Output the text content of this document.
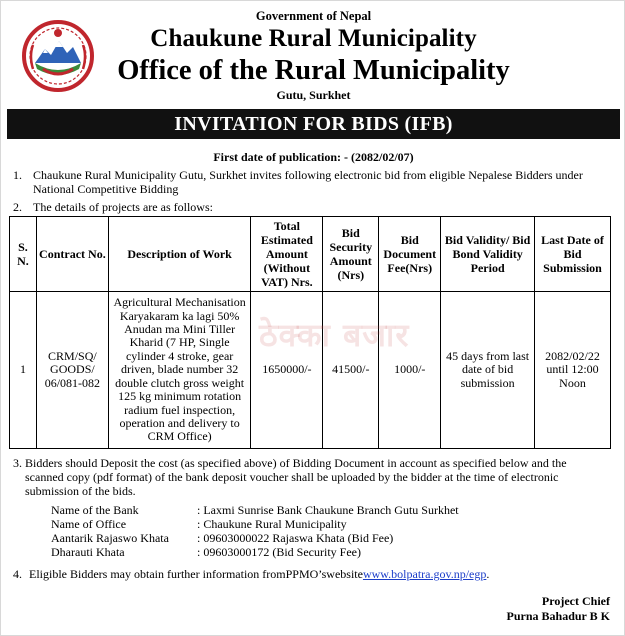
Government of Nepal
Chaukune Rural Municipality
Office of the Rural Municipality
Gutu, Surkhet
INVITATION FOR BIDS (IFB)
First date of publication: - (2082/02/07)
1. Chaukune Rural Municipality Gutu, Surkhet invites following electronic bid from eligible Nepalese Bidders under
National Competitive Bidding
2. The details of projects are as follows:
S. N.	Contract No.	Description of Work	Total Estimated Amount (Without VAT) Nrs.	Bid Security Amount (Nrs)	Bid Document Fee(Nrs)	Bid Validity/ Bid Bond Validity Period	Last Date of Bid Submission
1	CRM/SQ/ GOODS/ 06/081-082	Agricultural Mechanisation Karyakaram ka lagi 50% Anudan ma Mini Tiller Kharid (7 HP, Single cylinder 4 stroke, gear driven, blade number 32 double clutch gross weight 125 kg minimum rotation radium fuel inspection, operation and delivery to CRM Office)	1650000/-	41500/-	1000/-	45 days from last date of bid submission	2082/02/22 until 12:00 Noon
ठेक्का बजार
3. Bidders should Deposit the cost (as specified above) of Bidding Document in account as specified below and the
scanned copy (pdf format) of the bank deposit voucher shall be uploaded by the bidder at the time of electronic
submission of the bids.
Name of the Bank	: Laxmi Sunrise Bank Chaukune Branch Gutu Surkhet
Name of Office	: Chaukune Rural Municipality
Aantarik Rajaswo Khata	: 09603000022 Rajaswa Khata (Bid Fee)
Dharauti Khata	: 09603000172 (Bid Security Fee)
4. Eligible Bidders may obtain further information fromPPMO’swebsitewww.bolpatra.gov.np/egp.
Project Chief
Purna Bahadur B K
